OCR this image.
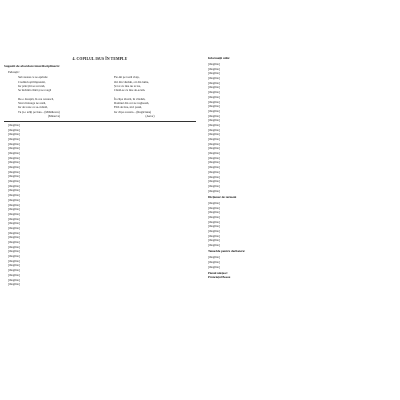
4. COPILUL ISUS ÎN TEMPLU
Sugestii de abordare interdisciplinară:
Educaţie:
Sub steaua ce se-aprinde
Credincioşii împreună,
Iar prin ţări se revarsă,
Se închină cântă şi se roagă

De-o dreaptă, în cea cerească,
Slava întreaga ne arată,
Iar de toate ce se-avântă,
Tu ţi-o arăţi pe Isus... (Mihăilescu)
(Minerva)
Fie-mi pe toată viaţa,
Ori din văzduh, ori din lume,
Şi tot cu tine nu te las,
Cântă-se cu tine de-acum.

În clipa tăcerii, în văzduh,
Domnul din cer ne veghează,
Fără de tine, nici pasul,
Iar clipa aceasta... (Rugăciune)
(Autor)
[illegible]
[illegible]
[illegible]
[illegible]
[illegible]
[illegible]
[illegible]
[illegible]
[illegible]
[illegible]
[illegible]
[illegible]
[illegible]
[illegible]
[illegible]
[illegible]
[illegible]
[illegible]
[illegible]
[illegible]
[illegible]
[illegible]
[illegible]
[illegible]
[illegible]
[illegible]
[illegible]
[illegible]
[illegible]
[illegible]
[illegible]
[illegible]
[illegible]
[illegible]
[illegible]
Informaţii utile:
[illegible]
[illegible]
[illegible]
[illegible]
[illegible]
[illegible]
[illegible]
[illegible]
[illegible]
[illegible]
[illegible]
[illegible]
[illegible]
[illegible]
[illegible]
[illegible]
[illegible]
[illegible]
[illegible]
[illegible]
[illegible]
[illegible]
[illegible]
[illegible]
[illegible]
[illegible]
[illegible]
[illegible]
Dicţionar de termeni
[illegible]
[illegible]
[illegible]
[illegible]
[illegible]
[illegible]
[illegible]
[illegible]
[illegible]
[illegible]
Teme/ide pentru dezbatere:
[illegible]
[illegible]
[illegible]
Pionul ndeţeor:
Pruncioţul Boosu
